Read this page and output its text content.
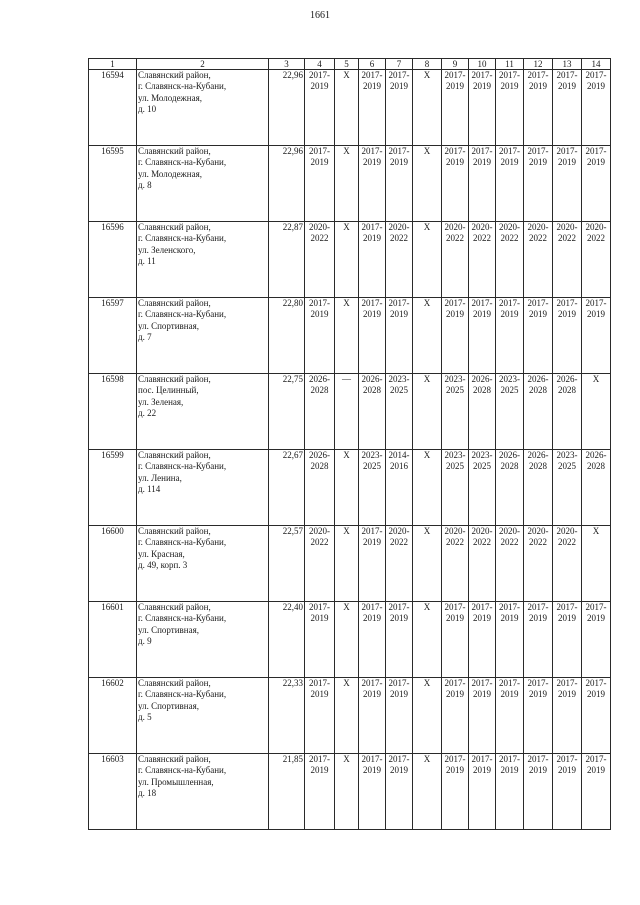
1661
1	2	3	4	5	6	7	8	9	10	11	12	13	14
16594	Славянский район,
г. Славянск-на-Кубани,
ул. Молодежная,
д. 10	22,96	2017-2019	Х	2017-2019	2017-2019	Х	2017-2019	2017-2019	2017-2019	2017-2019	2017-2019	2017-2019

16595	Славянский район,
г. Славянск-на-Кубани,
ул. Молодежная,
д. 8	22,96	2017-2019	Х	2017-2019	2017-2019	Х	2017-2019	2017-2019	2017-2019	2017-2019	2017-2019	2017-2019

16596	Славянский район,
г. Славянск-на-Кубани,
ул. Зеленского,
д. 11	22,87	2020-2022	Х	2017-2019	2020-2022	Х	2020-2022	2020-2022	2020-2022	2020-2022	2020-2022	2020-2022

16597	Славянский район,
г. Славянск-на-Кубани,
ул. Спортивная,
д. 7	22,80	2017-2019	Х	2017-2019	2017-2019	Х	2017-2019	2017-2019	2017-2019	2017-2019	2017-2019	2017-2019

16598	Славянский район,
пос. Целинный,
ул. Зеленая,
д. 22	22,75	2026-2028	—	2026-2028	2023-2025	Х	2023-2025	2026-2028	2023-2025	2026-2028	2026-2028	Х

16599	Славянский район,
г. Славянск-на-Кубани,
ул. Ленина,
д. 114	22,67	2026-2028	Х	2023-2025	2014-2016	Х	2023-2025	2023-2025	2026-2028	2026-2028	2023-2025	2026-2028

16600	Славянский район,
г. Славянск-на-Кубани,
ул. Красная,
д. 49, корп. 3	22,57	2020-2022	Х	2017-2019	2020-2022	Х	2020-2022	2020-2022	2020-2022	2020-2022	2020-2022	Х

16601	Славянский район,
г. Славянск-на-Кубани,
ул. Спортивная,
д. 9	22,40	2017-2019	Х	2017-2019	2017-2019	Х	2017-2019	2017-2019	2017-2019	2017-2019	2017-2019	2017-2019

16602	Славянский район,
г. Славянск-на-Кубани,
ул. Спортивная,
д. 5	22,33	2017-2019	Х	2017-2019	2017-2019	Х	2017-2019	2017-2019	2017-2019	2017-2019	2017-2019	2017-2019

16603	Славянский район,
г. Славянск-на-Кубани,
ул. Промышленная,
д. 18	21,85	2017-2019	Х	2017-2019	2017-2019	Х	2017-2019	2017-2019	2017-2019	2017-2019	2017-2019	2017-2019
